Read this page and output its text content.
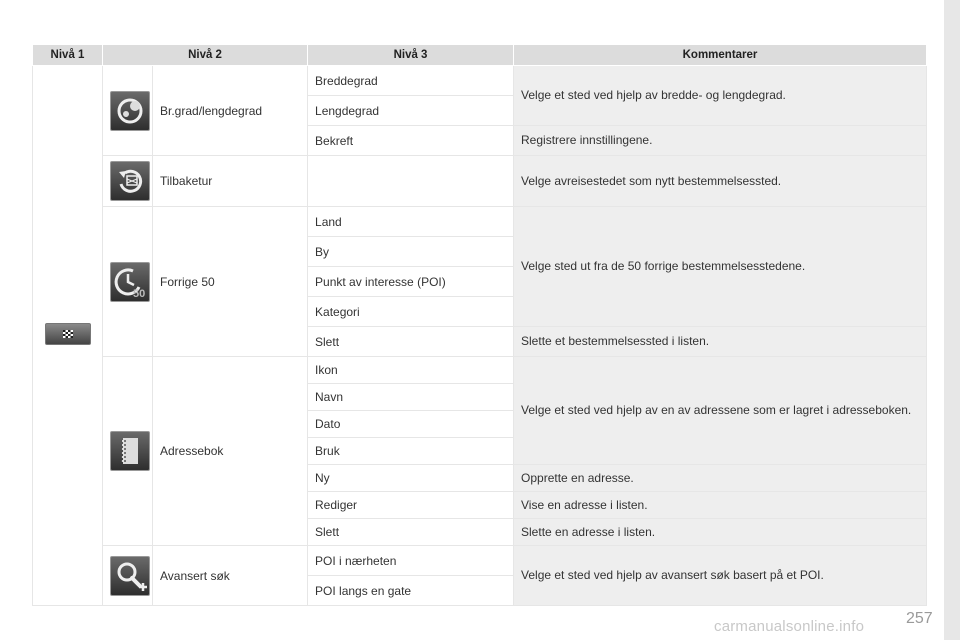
Nivå 1	Nivå 2		Nivå 3	Kommentarer

	Br.grad/lengdegrad	Breddegrad	Velge et sted ved hjelp av bredde- og lengdegrad.
			Lengdegrad	
			Bekreft	Registrere innstillingene.

	Tilbaketur		Velge avreisestedet som nytt bestemmelsessted.

50	Forrige 50	Land	Velge sted ut fra de 50 forrige bestemmelsesstedene.
			By	
			Punkt av interesse (POI)	
			Kategori	
			Slett	Slette et bestemmelsessted i listen.

	Adressebok	Ikon	Velge et sted ved hjelp av en av adressene som er lagret i adresseboken.
			Navn	
			Dato	
			Bruk	
			Ny	Opprette en adresse.
			Rediger	Vise en adresse i listen.
			Slett	Slette en adresse i listen.

	Avansert søk	POI i nærheten	Velge et sted ved hjelp av avansert søk basert på et POI.
			POI langs en gate	
carmanualsonline.info	257
